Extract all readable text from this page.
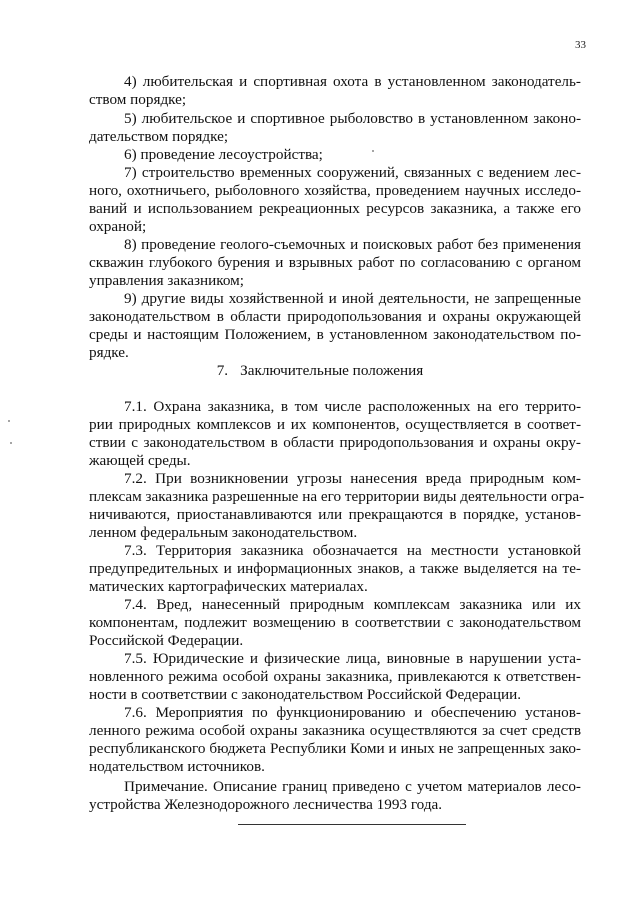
33
4) любительская и спортивная охота в установленном законодатель-
ством порядке;
5) любительское и спортивное рыболовство в установленном законо-
дательством порядке;
6) проведение лесоустройства;
7) строительство временных сооружений, связанных с ведением лес-
ного, охотничьего, рыболовного хозяйства, проведением научных исследо-
ваний и использованием рекреационных ресурсов заказника, а также его
охраной;
8) проведение геолого-съемочных и поисковых работ без применения
скважин глубокого бурения и взрывных работ по согласованию с органом
управления заказником;
9) другие виды хозяйственной и иной деятельности, не запрещенные
законодательством в области природопользования и охраны окружающей
среды и настоящим Положением, в установленном законодательством по-
рядке.
7.1. Охрана заказника, в том числе расположенных на его террито-
рии природных комплексов и их компонентов, осуществляется в соответ-
ствии с законодательством в области природопользования и охраны окру-
жающей среды.
7.2. При возникновении угрозы нанесения вреда природным ком-
плексам заказника разрешенные на его территории виды деятельности огра-
ничиваются, приостанавливаются или прекращаются в порядке, установ-
ленном федеральным законодательством.
7.3. Территория заказника обозначается на местности установкой
предупредительных и информационных знаков, а также выделяется на те-
матических картографических материалах.
7.4. Вред, нанесенный природным комплексам заказника или их
компонентам, подлежит возмещению в соответствии с законодательством
Российской Федерации.
7.5. Юридические и физические лица, виновные в нарушении уста-
новленного режима особой охраны заказника, привлекаются к ответствен-
ности в соответствии с законодательством Российской Федерации.
7.6. Мероприятия по функционированию и обеспечению установ-
ленного режима особой охраны заказника осуществляются за счет средств
республиканского бюджета Республики Коми и иных не запрещенных зако-
нодательством источников.
Примечание. Описание границ приведено с учетом материалов лесо-
устройства Железнодорожного лесничества 1993 года.
7. Заключительные положения
